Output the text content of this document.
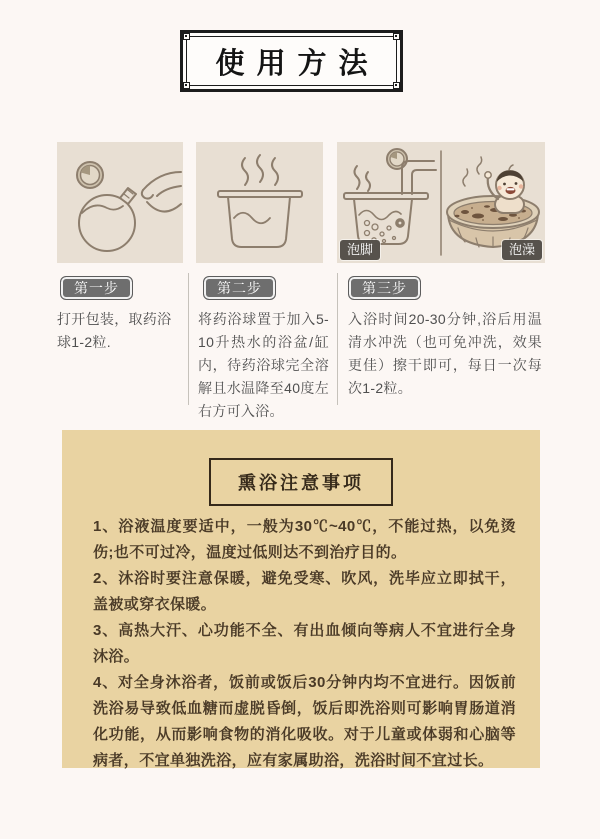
使用方法
泡脚	泡澡
第一步	第二步	第三步
打开包装，取药浴球1-2粒.
将药浴球置于加入5-10升热水的浴盆/缸内，待药浴球完全溶解且水温降至40度左右方可入浴。
入浴时间20-30分钟,浴后用温清水冲洗（也可免冲洗，效果更佳）擦干即可，每日一次每次1-2粒。
熏浴注意事项

1、浴液温度要适中，一般为30℃~40℃，不能过热，以免烫伤;也不可过冷，温度过低则达不到治疗目的。

2、沐浴时要注意保暖，避免受寒、吹风，洗毕应立即拭干，盖被或穿衣保暖。

3、高热大汗、心功能不全、有出血倾向等病人不宜进行全身沐浴。

4、对全身沐浴者，饭前或饭后30分钟内均不宜进行。因饭前洗浴易导致低血糖而虚脱昏倒，饭后即洗浴则可影响胃肠道消化功能，从而影响食物的消化吸收。对于儿童或体弱和心脑等病者，不宜单独洗浴，应有家属助浴，洗浴时间不宜过长。
